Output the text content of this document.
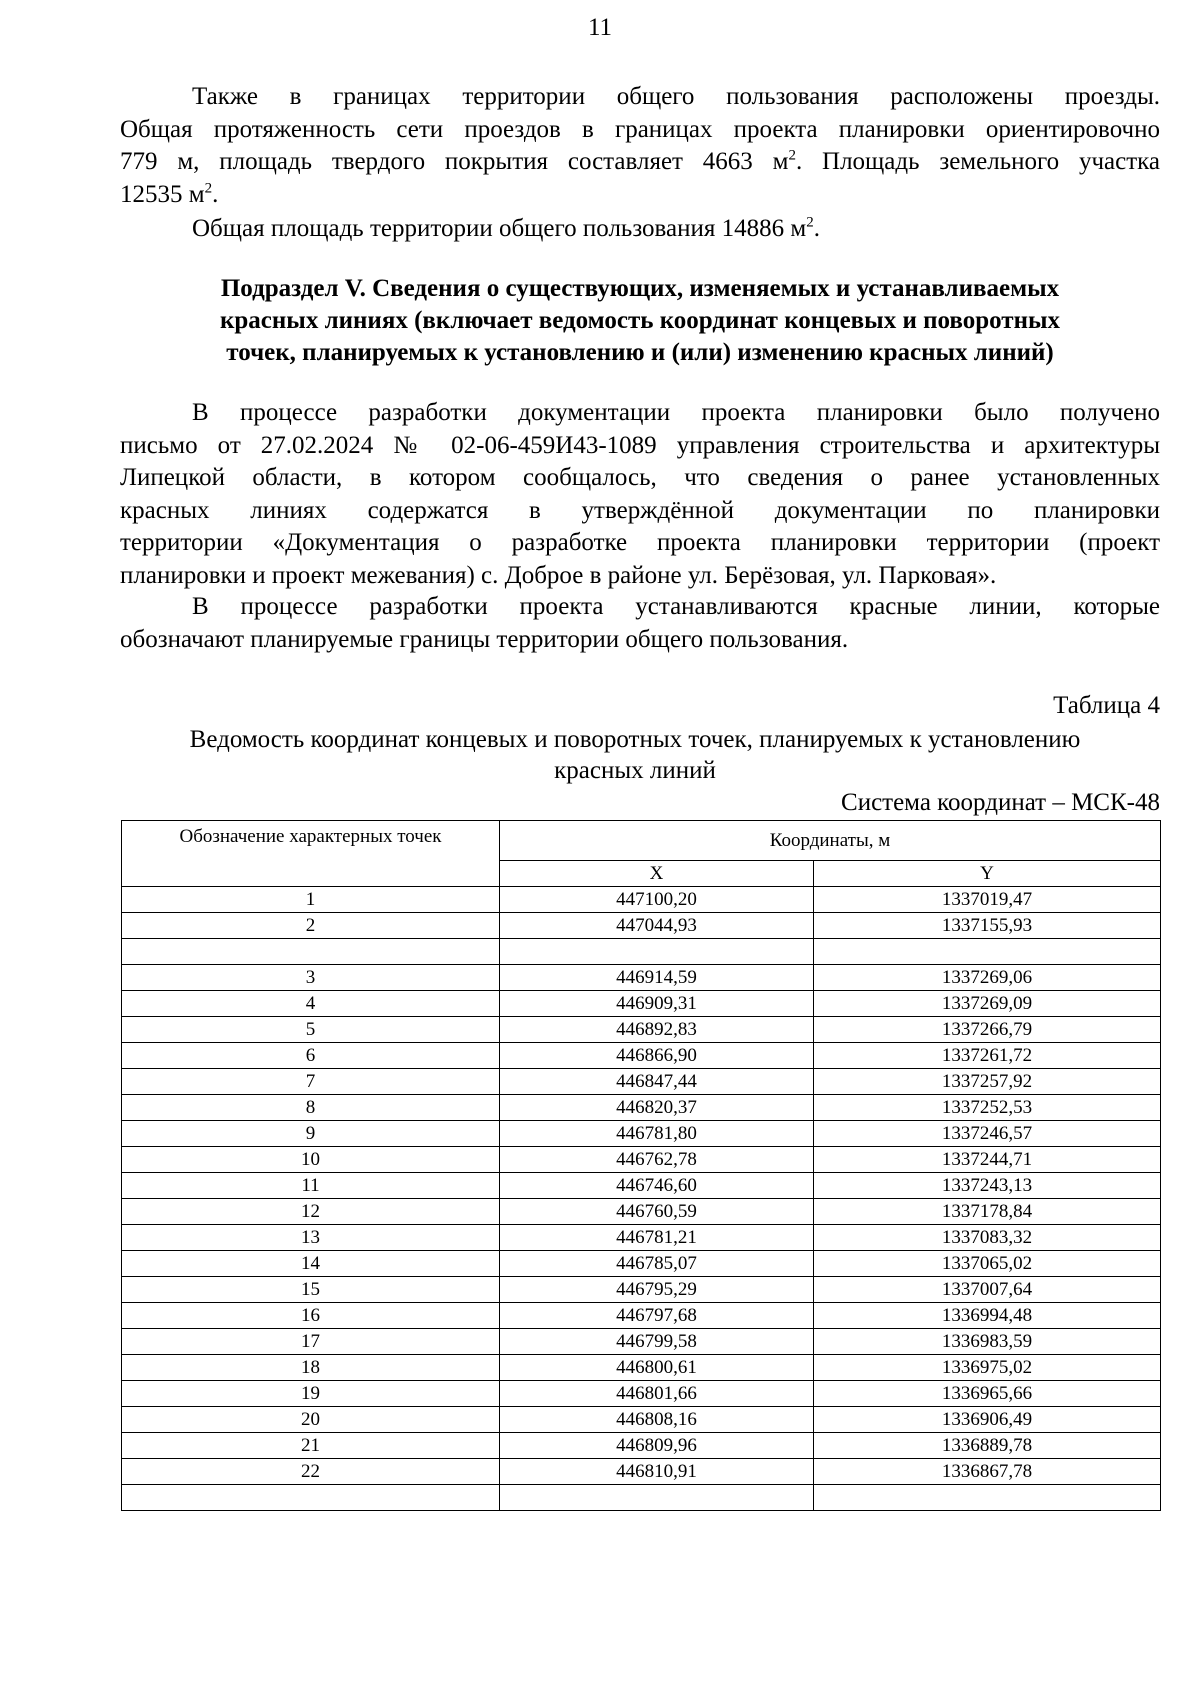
11
Также в границах территории общего пользования расположены проезды.
Общая протяженность сети проездов в границах проекта планировки ориентировочно
779 м, площадь твердого покрытия составляет 4663 $м^2$. Площадь земельного участка
12535 $м^2$.
Общая площадь территории общего пользования 14886 $м^2$.
Подраздел V. Сведения о существующих, изменяемых и устанавливаемых
красных линиях (включает ведомость координат концевых и поворотных
точек, планируемых к установлению и (или) изменению красных линий)
В процессе разработки документации проекта планировки было получено
письмо от 27.02.2024 № 02-06-459И43-1089 управления строительства и архитектуры
Липецкой области, в котором сообщалось, что сведения о ранее установленных
красных линиях содержатся в утверждённой документации по планировки
территории «Документация о разработке проекта планировки территории (проект
планировки и проект межевания) с. Доброе в районе ул. Берёзовая, ул. Парковая».
В процессе разработки проекта устанавливаются красные линии, которые
обозначают планируемые границы территории общего пользования.
Таблица 4
Ведомость координат концевых и поворотных точек, планируемых к установлению
красных линий
Система координат – МСК-48
Обозначение характерных точек	Координаты, м	
	X	Y
1	447100,20	1337019,47
2	447044,93	1337155,93

3	446914,59	1337269,06
4	446909,31	1337269,09
5	446892,83	1337266,79
6	446866,90	1337261,72
7	446847,44	1337257,92
8	446820,37	1337252,53
9	446781,80	1337246,57
10	446762,78	1337244,71
11	446746,60	1337243,13
12	446760,59	1337178,84
13	446781,21	1337083,32
14	446785,07	1337065,02
15	446795,29	1337007,64
16	446797,68	1336994,48
17	446799,58	1336983,59
18	446800,61	1336975,02
19	446801,66	1336965,66
20	446808,16	1336906,49
21	446809,96	1336889,78
22	446810,91	1336867,78
